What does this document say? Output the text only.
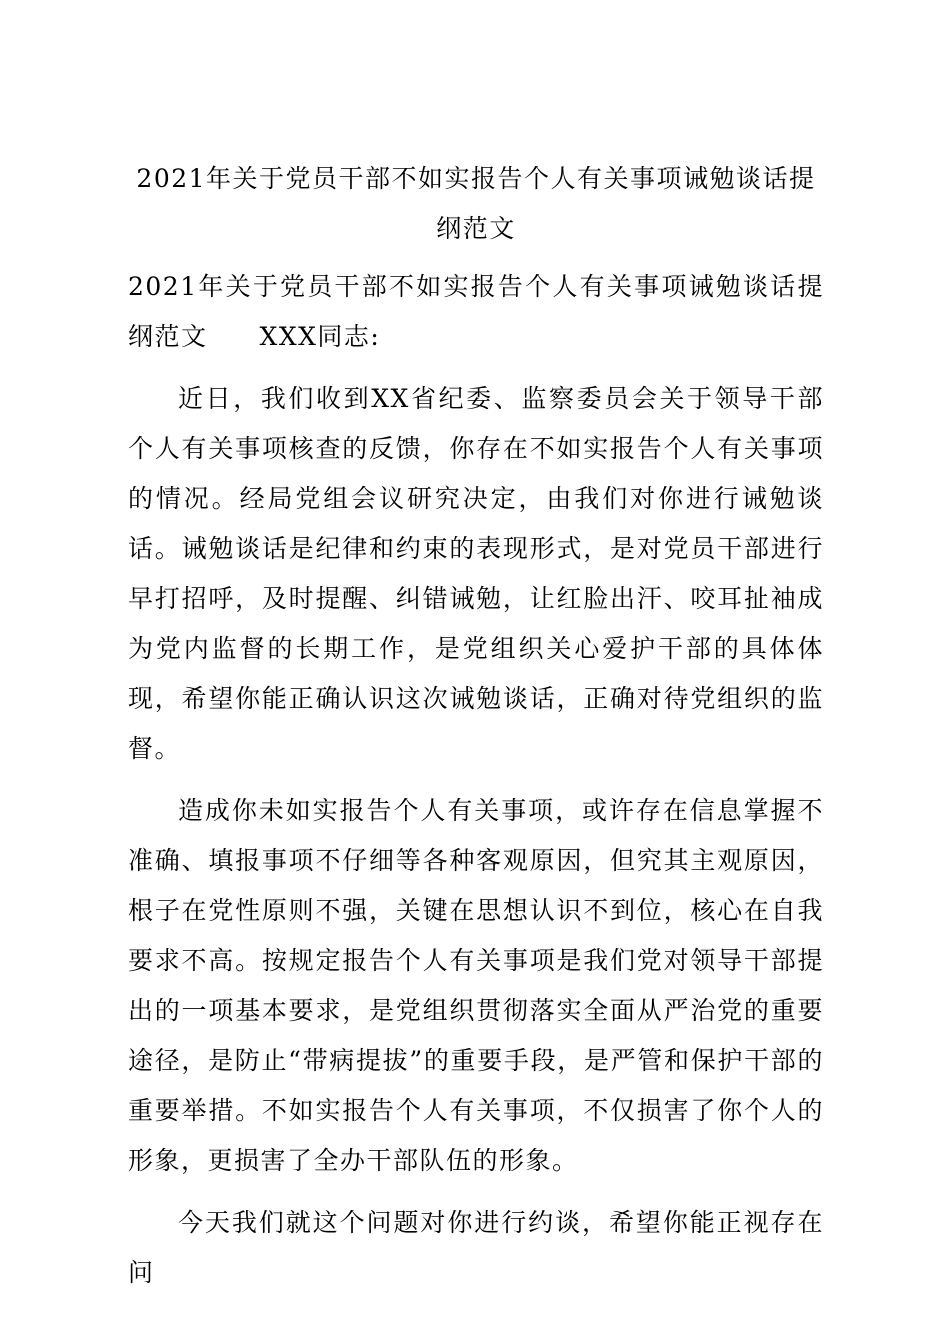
2021年关于党员干部不如实报告个人有关事项诫勉谈话提纲范文

2021年关于党员干部不如实报告个人有关事项诫勉谈话提纲范文 XXX同志:

近日，我们收到XX省纪委、监察委员会关于领导干部个人有关事项核查的反馈，你存在不如实报告个人有关事项的情况。经局党组会议研究决定，由我们对你进行诫勉谈话。诫勉谈话是纪律和约束的表现形式，是对党员干部进行早打招呼，及时提醒、纠错诫勉，让红脸出汗、咬耳扯袖成为党内监督的长期工作，是党组织关心爱护干部的具体体现，希望你能正确认识这次诫勉谈话，正确对待党组织的监督。

造成你未如实报告个人有关事项，或许存在信息掌握不准确、填报事项不仔细等各种客观原因，但究其主观原因，根子在党性原则不强，关键在思想认识不到位，核心在自我要求不高。按规定报告个人有关事项是我们党对领导干部提出的一项基本要求，是党组织贯彻落实全面从严治党的重要途径，是防止“带病提拔”的重要手段，是严管和保护干部的重要举措。不如实报告个人有关事项，不仅损害了你个人的形象，更损害了全办干部队伍的形象。

今天我们就这个问题对你进行约谈，希望你能正视存在问
